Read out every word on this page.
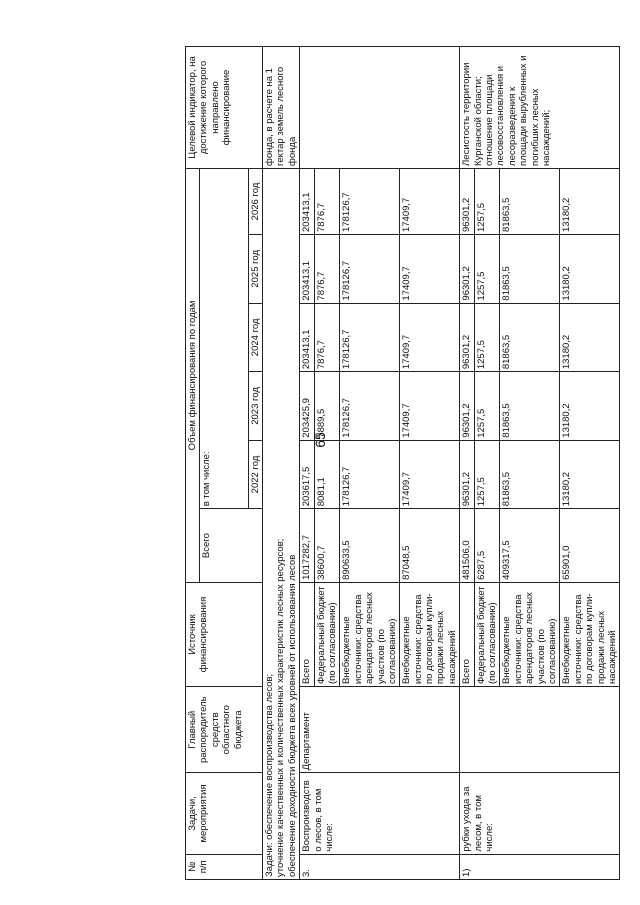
65
№ п/п	Задачи, мероприятия	Главный распорядитель средств областного бюджета	Источник финансирования	Объем финансирования по годам						Целевой индикатор, на достижение которого направлено финансирование
				Всего	в том числе:					
					2022 год	2023 год	2024 год	2025 год	2026 год	

Задачи: обеспечение воспроизводства лесов; уточнение качественных и количественных характеристик лесных ресурсов; обеспечение доходности бюджета всех уровней от использования лесов										фонда, в расчете на 1 гектар земель лесного фонда
3.	Воспроизводство лесов, в том числе:	Департамент	Всего	1017282,7	203617,5	203425,9	203413,1	203413,1	203413,1	
			Федеральный бюджет (по согласованию)	38600,7	8081,1	7889,5	7876,7	7876,7	7876,7	
			Внебюджетные источники: средства арендаторов лесных участков (по согласованию)	890633,5	178126,7	178126,7	178126,7	178126,7	178126,7	
			Внебюджетные источники: средства по договорам купли-продажи лесных насаждений	87048,5	17409,7	17409,7	17409,7	17409,7	17409,7	
1)	рубки ухода за лесом, в том числе:		Всего	481506,0	96301,2	96301,2	96301,2	96301,2	96301,2	Лесистость территории Курганской области; отношение площади лесовосстановления и лесоразведения к площади вырубленных и погибших лесных насаждений;
			Федеральный бюджет (по согласованию)	6287,5	1257,5	1257,5	1257,5	1257,5	1257,5	
			Внебюджетные источники: средства арендаторов лесных участков (по согласованию)	409317,5	81863,5	81863,5	81863,5	81863,5	81863,5	
			Внебюджетные источники: средства по договорам купли-продажи лесных насаждений	65901,0	13180,2	13180,2	13180,2	13180,2	13180,2	
